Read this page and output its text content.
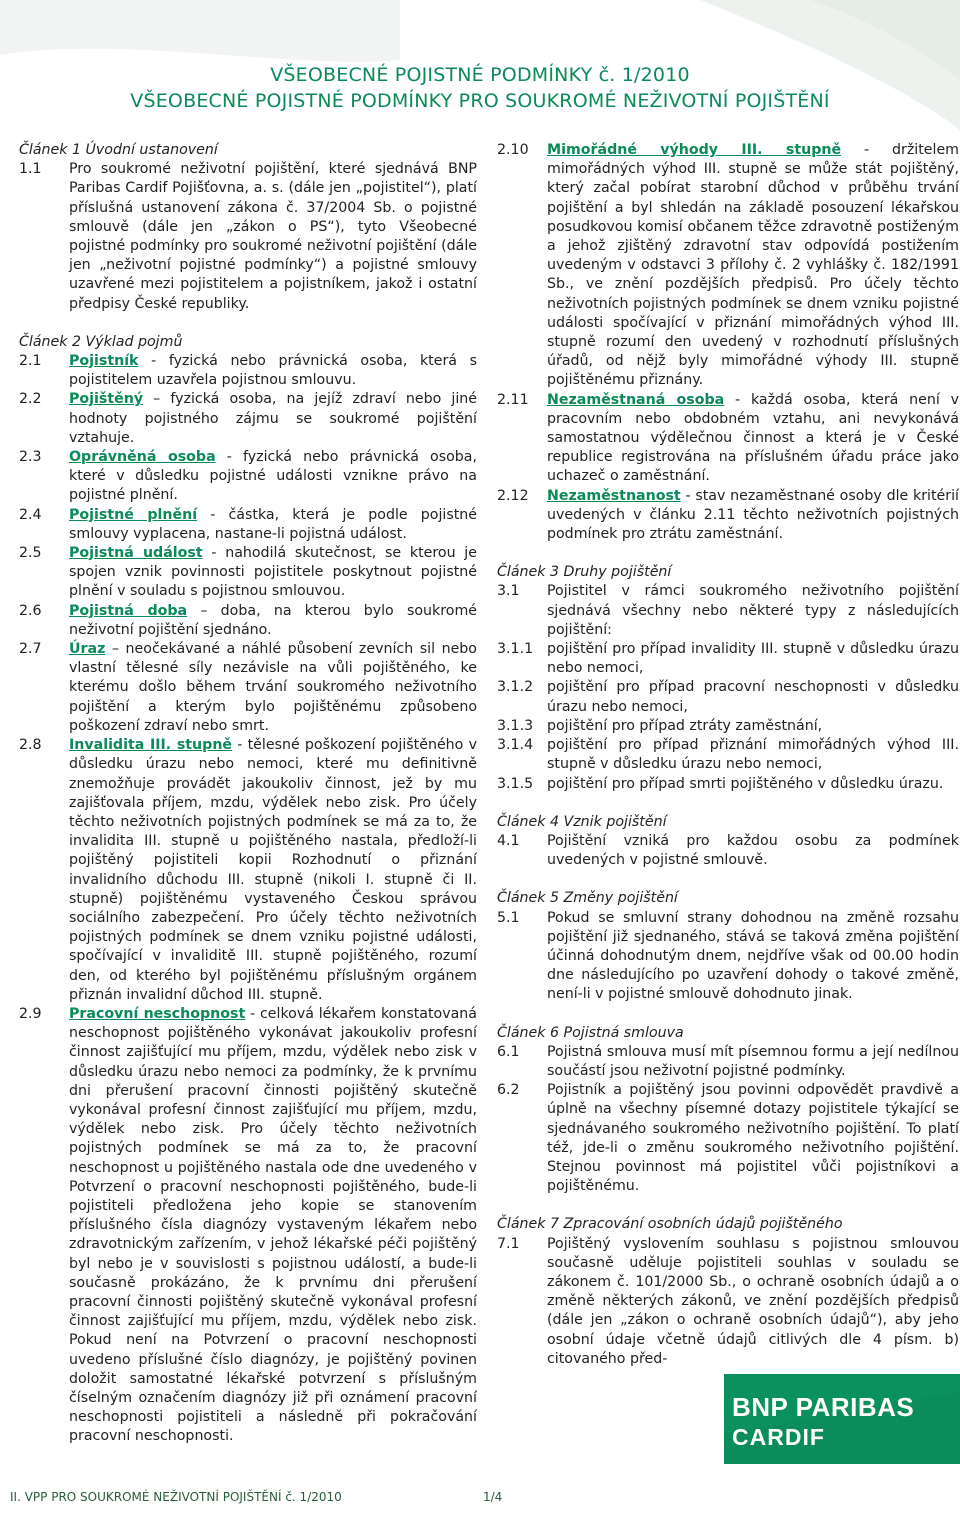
VŠEOBECNÉ POJISTNÉ PODMÍNKY č. 1/2010
VŠEOBECNÉ POJISTNÉ PODMÍNKY PRO SOUKROMÉ NEŽIVOTNÍ POJIŠTĚNÍ
Článek 1 Úvodní ustanovení
1.1	Pro soukromé neživotní pojištění, které sjednává BNP Paribas Cardif Pojišťovna, a. s. (dále jen „pojistitel“), platí příslušná ustanovení zákona č. 37/2004 Sb. o pojistné smlouvě (dále jen „zákon o PS“), tyto Všeobecné pojistné podmínky pro soukromé neživotní pojištění (dále jen „neživotní pojistné podmínky“) a pojistné smlouvy uzavřené mezi pojistitelem a pojistníkem, jakož i ostatní předpisy České republiky.

Článek 2 Výklad pojmů
2.1	Pojistník - fyzická nebo právnická osoba, která s pojistitelem uzavřela pojistnou smlouvu.

2.2	Pojištěný – fyzická osoba, na jejíž zdraví nebo jiné hodnoty pojistného zájmu se soukromé pojištění vztahuje.

2.3	Oprávněná osoba - fyzická nebo právnická osoba, které v důsledku pojistné události vznikne právo na pojistné plnění.

2.4	Pojistné plnění - částka, která je podle pojistné smlouvy vyplacena, nastane-li pojistná událost.

2.5	Pojistná událost - nahodilá skutečnost, se kterou je spojen vznik povinnosti pojistitele poskytnout pojistné plnění v souladu s pojistnou smlouvou.

2.6	Pojistná doba – doba, na kterou bylo soukromé neživotní pojištění sjednáno.

2.7	Úraz – neočekávané a náhlé působení zevních sil nebo vlastní tělesné síly nezávisle na vůli pojištěného, ke kterému došlo během trvání soukromého neživotního pojištění a kterým bylo pojištěnému způsobeno poškození zdraví nebo smrt.

2.8	Invalidita III. stupně - tělesné poškození pojištěného v důsledku úrazu nebo nemoci, které mu definitivně znemožňuje provádět jakoukoliv činnost, jež by mu zajišťovala příjem, mzdu, výdělek nebo zisk. Pro účely těchto neživotních pojistných podmínek se má za to, že invalidita III. stupně u pojištěného nastala, předloží-li pojištěný pojistiteli kopii Rozhodnutí o přiznání invalidního důchodu III. stupně (nikoli I. stupně či II. stupně) pojištěnému vystaveného Českou správou sociálního zabezpečení. Pro účely těchto neživotních pojistných podmínek se dnem vzniku pojistné události, spočívající v invaliditě III. stupně pojištěného, rozumí den, od kterého byl pojištěnému příslušným orgánem přiznán invalidní důchod III. stupně.

2.9	Pracovní neschopnost - celková lékařem konstatovaná neschopnost pojištěného vykonávat jakoukoliv profesní činnost zajišťující mu příjem, mzdu, výdělek nebo zisk v důsledku úrazu nebo nemoci za podmínky, že k prvnímu dni přerušení pracovní činnosti pojištěný skutečně vykonával profesní činnost zajišťující mu příjem, mzdu, výdělek nebo zisk. Pro účely těchto neživotních pojistných podmínek se má za to, že pracovní neschopnost u pojištěného nastala ode dne uvedeného v Potvrzení o pracovní neschopnosti pojištěného, bude-li pojistiteli předložena jeho kopie se stanovením příslušného čísla diagnózy vystaveným lékařem nebo zdravotnickým zařízením, v jehož lékařské péči pojištěný byl nebo je v souvislosti s pojistnou událostí, a bude-li současně prokázáno, že k prvnímu dni přerušení pracovní činnosti pojištěný skutečně vykonával profesní činnost zajišťující mu příjem, mzdu, výdělek nebo zisk. Pokud není na Potvrzení o pracovní neschopnosti uvedeno příslušné číslo diagnózy, je pojištěný povinen doložit samostatné lékařské potvrzení s příslušným číselným označením diagnózy již při oznámení pracovní neschopnosti pojistiteli a následně při pokračování pracovní neschopnosti.

2.10	Mimořádné výhody III. stupně - držitelem mimořádných výhod III. stupně se může stát pojištěný, který začal pobírat starobní důchod v průběhu trvání pojištění a byl shledán na základě posouzení lékařskou posudkovou komisí občanem těžce zdravotně postiženým a jehož zjištěný zdravotní stav odpovídá postižením uvedeným v odstavci 3 přílohy č. 2 vyhlášky č. 182/1991 Sb., ve znění pozdějších předpisů. Pro účely těchto neživotních pojistných podmínek se dnem vzniku pojistné události spočívající v přiznání mimořádných výhod III. stupně rozumí den uvedený v rozhodnutí příslušných úřadů, od nějž byly mimořádné výhody III. stupně pojištěnému přiznány.

2.11	Nezaměstnaná osoba - každá osoba, která není v pracovním nebo obdobném vztahu, ani nevykonává samostatnou výdělečnou činnost a která je v České republice registrována na příslušném úřadu práce jako uchazeč o zaměstnání.

2.12	Nezaměstnanost - stav nezaměstnané osoby dle kritérií uvedených v článku 2.11 těchto neživotních pojistných podmínek pro ztrátu zaměstnání.

Článek 3 Druhy pojištění
3.1	Pojistitel v rámci soukromého neživotního pojištění sjednává všechny nebo některé typy z následujících pojištění:

3.1.1 pojištění pro případ invalidity III. stupně v důsledku úrazu nebo nemoci,

3.1.2 pojištění pro případ pracovní neschopnosti v důsledku úrazu nebo nemoci,

3.1.3 pojištění pro případ ztráty zaměstnání,

3.1.4 pojištění pro případ přiznání mimořádných výhod III. stupně v důsledku úrazu nebo nemoci,

3.1.5 pojištění pro případ smrti pojištěného v důsledku úrazu.

Článek 4 Vznik pojištění
4.1	Pojištění vzniká pro každou osobu za podmínek uvedených v pojistné smlouvě.

Článek 5 Změny pojištění
5.1	Pokud se smluvní strany dohodnou na změně rozsahu pojištění již sjednaného, stává se taková změna pojištění účinná dohodnutým dnem, nejdříve však od 00.00 hodin dne následujícího po uzavření dohody o takové změně, není-li v pojistné smlouvě dohodnuto jinak.

Článek 6 Pojistná smlouva
6.1	Pojistná smlouva musí mít písemnou formu a její nedílnou součástí jsou neživotní pojistné podmínky.

6.2	Pojistník a pojištěný jsou povinni odpovědět pravdivě a úplně na všechny písemné dotazy pojistitele týkající se sjednávaného soukromého neživotního pojištění. To platí též, jde-li o změnu soukromého neživotního pojištění. Stejnou povinnost má pojistitel vůči pojistníkovi a pojištěnému.

Článek 7 Zpracování osobních údajů pojištěného
7.1	Pojištěný vyslovením souhlasu s pojistnou smlouvou současně uděluje pojistiteli souhlas v souladu se zákonem č. 101/2000 Sb., o ochraně osobních údajů a o změně některých zákonů, ve znění pozdějších předpisů (dále jen „zákon o ochraně osobních údajů“), aby jeho osobní údaje včetně údajů citlivých dle 4 písm. b) citovaného před-

BNP PARIBAS
CARDIF
II. VPP PRO SOUKROMÉ NEŽIVOTNÍ POJIŠTĚNÍ č. 1/2010	1/4
